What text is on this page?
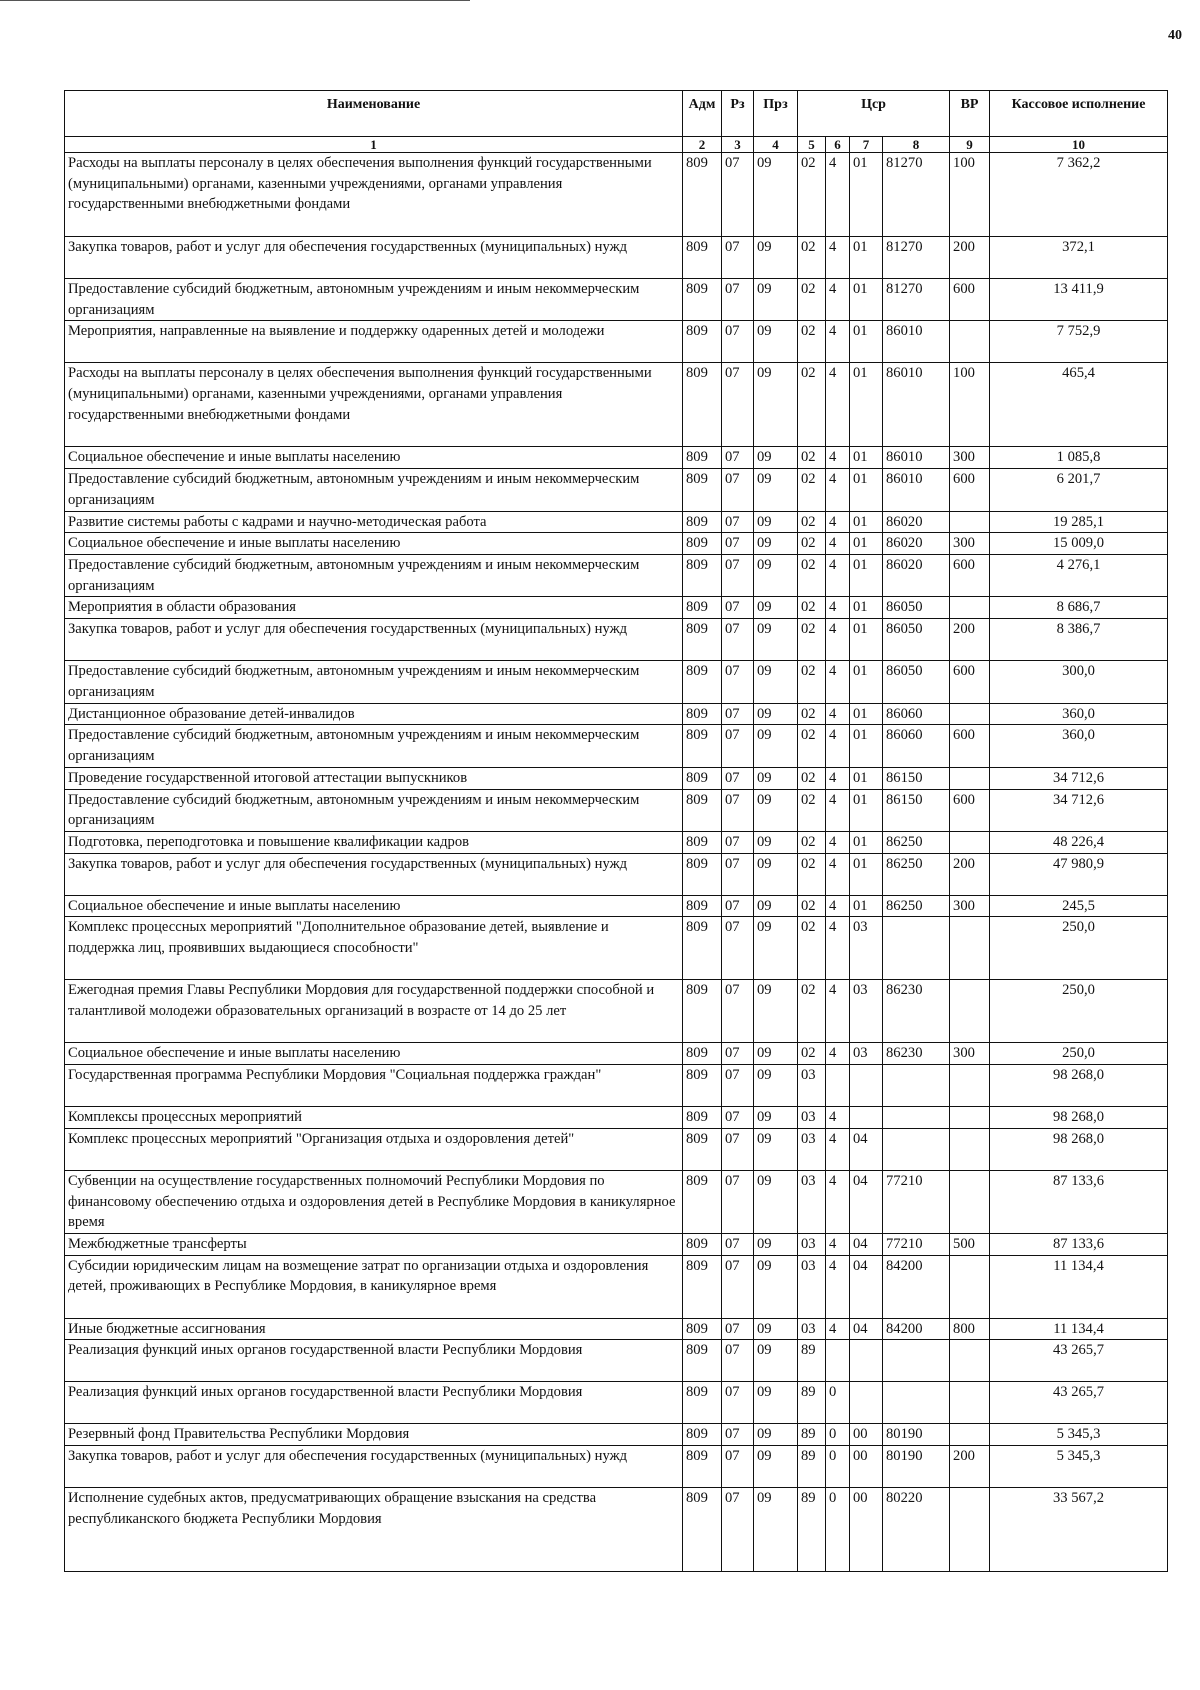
40
Наименование	Адм	Рз	Прз	Цср				ВР	Кассовое исполнение
1	2	3	4	5	6	7	8	9	10
Расходы на выплаты персоналу в целях обеспечения выполнения функций государственными (муниципальными) органами, казенными учреждениями, органами управления государственными внебюджетными фондами	809	07	09	02	4	01	81270	100	7 362,2
Закупка товаров, работ и услуг для обеспечения государственных (муниципальных) нужд	809	07	09	02	4	01	81270	200	372,1
Предоставление субсидий бюджетным, автономным учреждениям и иным некоммерческим организациям	809	07	09	02	4	01	81270	600	13 411,9
Мероприятия, направленные на выявление и поддержку одаренных детей и молодежи	809	07	09	02	4	01	86010		7 752,9
Расходы на выплаты персоналу в целях обеспечения выполнения функций государственными (муниципальными) органами, казенными учреждениями, органами управления государственными внебюджетными фондами	809	07	09	02	4	01	86010	100	465,4
Социальное обеспечение и иные выплаты населению	809	07	09	02	4	01	86010	300	1 085,8
Предоставление субсидий бюджетным, автономным учреждениям и иным некоммерческим организациям	809	07	09	02	4	01	86010	600	6 201,7
Развитие системы работы с кадрами и научно-методическая работа	809	07	09	02	4	01	86020		19 285,1
Социальное обеспечение и иные выплаты населению	809	07	09	02	4	01	86020	300	15 009,0
Предоставление субсидий бюджетным, автономным учреждениям и иным некоммерческим организациям	809	07	09	02	4	01	86020	600	4 276,1
Мероприятия в области образования	809	07	09	02	4	01	86050		8 686,7
Закупка товаров, работ и услуг для обеспечения государственных (муниципальных) нужд	809	07	09	02	4	01	86050	200	8 386,7
Предоставление субсидий бюджетным, автономным учреждениям и иным некоммерческим организациям	809	07	09	02	4	01	86050	600	300,0
Дистанционное образование детей-инвалидов	809	07	09	02	4	01	86060		360,0
Предоставление субсидий бюджетным, автономным учреждениям и иным некоммерческим организациям	809	07	09	02	4	01	86060	600	360,0
Проведение государственной итоговой аттестации выпускников	809	07	09	02	4	01	86150		34 712,6
Предоставление субсидий бюджетным, автономным учреждениям и иным некоммерческим организациям	809	07	09	02	4	01	86150	600	34 712,6
Подготовка, переподготовка и повышение квалификации кадров	809	07	09	02	4	01	86250		48 226,4
Закупка товаров, работ и услуг для обеспечения государственных (муниципальных) нужд	809	07	09	02	4	01	86250	200	47 980,9
Социальное обеспечение и иные выплаты населению	809	07	09	02	4	01	86250	300	245,5
Комплекс процессных мероприятий "Дополнительное образование детей, выявление и поддержка лиц, проявивших выдающиеся способности"	809	07	09	02	4	03			250,0
Ежегодная премия Главы Республики Мордовия для государственной поддержки способной и талантливой молодежи образовательных организаций в возрасте от 14 до 25 лет	809	07	09	02	4	03	86230		250,0
Социальное обеспечение и иные выплаты населению	809	07	09	02	4	03	86230	300	250,0
Государственная программа Республики Мордовия "Социальная поддержка граждан"	809	07	09	03					98 268,0
Комплексы процессных мероприятий	809	07	09	03	4				98 268,0
Комплекс процессных мероприятий "Организация отдыха и оздоровления детей"	809	07	09	03	4	04			98 268,0
Субвенции на осуществление государственных полномочий Республики Мордовия по финансовому обеспечению отдыха и оздоровления детей в Республике Мордовия в каникулярное время	809	07	09	03	4	04	77210		87 133,6
Межбюджетные трансферты	809	07	09	03	4	04	77210	500	87 133,6
Субсидии юридическим лицам на возмещение затрат по организации отдыха и оздоровления детей, проживающих в Республике Мордовия, в каникулярное время	809	07	09	03	4	04	84200		11 134,4
Иные бюджетные ассигнования	809	07	09	03	4	04	84200	800	11 134,4
Реализация функций иных органов государственной власти Республики Мордовия	809	07	09	89					43 265,7
Реализация функций иных органов государственной власти Республики Мордовия	809	07	09	89	0				43 265,7
Резервный фонд Правительства Республики Мордовия	809	07	09	89	0	00	80190		5 345,3
Закупка товаров, работ и услуг для обеспечения государственных (муниципальных) нужд	809	07	09	89	0	00	80190	200	5 345,3
Исполнение судебных актов, предусматривающих обращение взыскания на средства республиканского бюджета Республики Мордовия	809	07	09	89	0	00	80220		33 567,2
